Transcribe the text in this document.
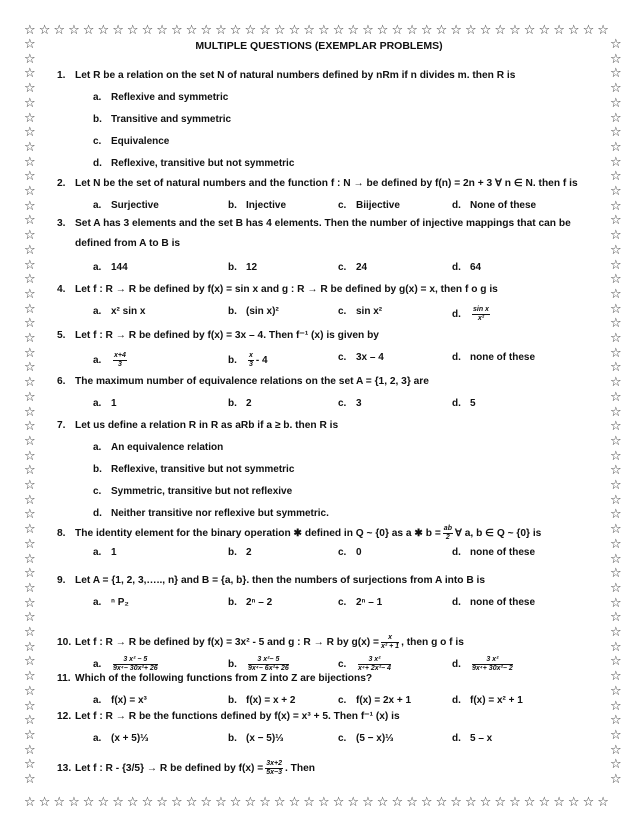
☆
☆
☆
☆
☆
☆
☆
☆
☆
☆
☆
☆
☆
☆
☆
☆
☆
☆
☆
☆
☆
☆
☆
☆
☆
☆
☆
☆
☆
☆
☆
☆
☆
☆
☆
☆
☆
☆
☆
☆
☆
☆
☆
☆
☆
☆
☆
☆
☆
☆
☆
☆
☆
☆
☆
☆
☆
☆
☆
☆
☆
☆
☆
☆
☆
☆
☆
☆
☆
☆
☆
☆
☆
☆
☆
☆
☆
☆
☆
☆
☆	☆
☆	☆
☆	☆
☆	☆
☆	☆
☆	☆
☆	☆
☆	☆
☆	☆
☆	☆
☆	☆
☆	☆
☆	☆
☆	☆
☆	☆
☆	☆
☆	☆
☆	☆
☆	☆
☆	☆
☆	☆
☆	☆
☆	☆
☆	☆
☆	☆
☆	☆
☆	☆
☆	☆
☆	☆
☆	☆
☆	☆
☆	☆
☆	☆
☆	☆
☆	☆
☆	☆
☆	☆
☆	☆
☆	☆
☆	☆
☆	☆
☆	☆
☆	☆
☆	☆
☆	☆
☆	☆
☆	☆
☆	☆
☆	☆
☆	☆
☆	☆
MULTIPLE QUESTIONS (EXEMPLAR PROBLEMS)
1. Let R be a relation on the set N of natural numbers defined by nRm if n divides m. then R is
a. Reflexive and symmetric
b. Transitive and symmetric
c. Equivalence
d. Reflexive, transitive but not symmetric
2. Let N be the set of natural numbers and the function f : N → be defined by f(n) = 2n + 3 ∀ n ∈ N. then f is
a. Surjective	b. Injective	c. Biijective	d. None of these
3. Set A has 3 elements and the set B has 4 elements. Then the number of injective mappings that can be
defined from A to B is
a. 144	b. 12	c. 24	d. 64
4. Let f : R → R be defined by f(x) = sin x and g : R → R be defined by g(x) = x, then f o g is
a. x² sin x	b. (sin x)²	c. sin x²	d. $\frac{\text{sin x}}{\text{x²}}$
5. Let f : R → R be defined by f(x) = 3x – 4. Then f⁻¹ (x) is given by
a. $\frac{x+4}{3}$	b. $\frac{x}{3} - 4$	c. 3x – 4	d. none of these
6. The maximum number of equivalence relations on the set A = {1, 2, 3} are
a. 1	b. 2	c. 3	d. 5
7. Let us define a relation R in R as aRb if a ≥ b. then R is
a. An equivalence relation
b. Reflexive, transitive but not symmetric
c. Symmetric, transitive but not reflexive
d. Neither transitive nor reflexive but symmetric.
8. The identity element for the binary operation ✱ defined in Q ~ {0} as a ✱ $b = \frac{ab}{2}$ ∀ a, b ∈ Q ~ {0} is
a. 1	b. 2	c. 0	d. none of these
9. Let A = {1, 2, 3,….., n} and B = {a, b}. then the numbers of surjections from A into B is
a. ⁿ P₂	b. 2ⁿ – 2	c. 2ⁿ – 1	d. none of these
10. Let f : R → R be defined by f(x) = 3x² - 5 and g : R → R by $g(x) = \frac{x}{\text{x² + 1}}$ , then g o f is
a. $\frac{\text{3 x² − 5}}{\text{9x⁴− 30x²+ 26}}$	b. $\frac{\text{3 x²− 5}}{\text{9x⁴− 6x²+ 26}}$	c. $\frac{\text{3 x²}}{\text{x⁴+ 2x²− 4}}$	d. $\frac{\text{3 x²}}{\text{9x⁴+ 30x²− 2}}$
11. Which of the following functions from Z into Z are bijections?
a. f(x) = x³	b. f(x) = x + 2	c. f(x) = 2x + 1	d. f(x) = x² + 1
12. Let f : R → R be the functions defined by f(x) = x³ + 5. Then f⁻¹ (x) is
a. (x + 5)⅓	b. (x − 5)⅓	c. (5 − x)⅓	d. 5 – x
13. Let f : R - {3/5} → R be defined by $f(x) = \frac{3x+2}{5x-3}$ . Then
